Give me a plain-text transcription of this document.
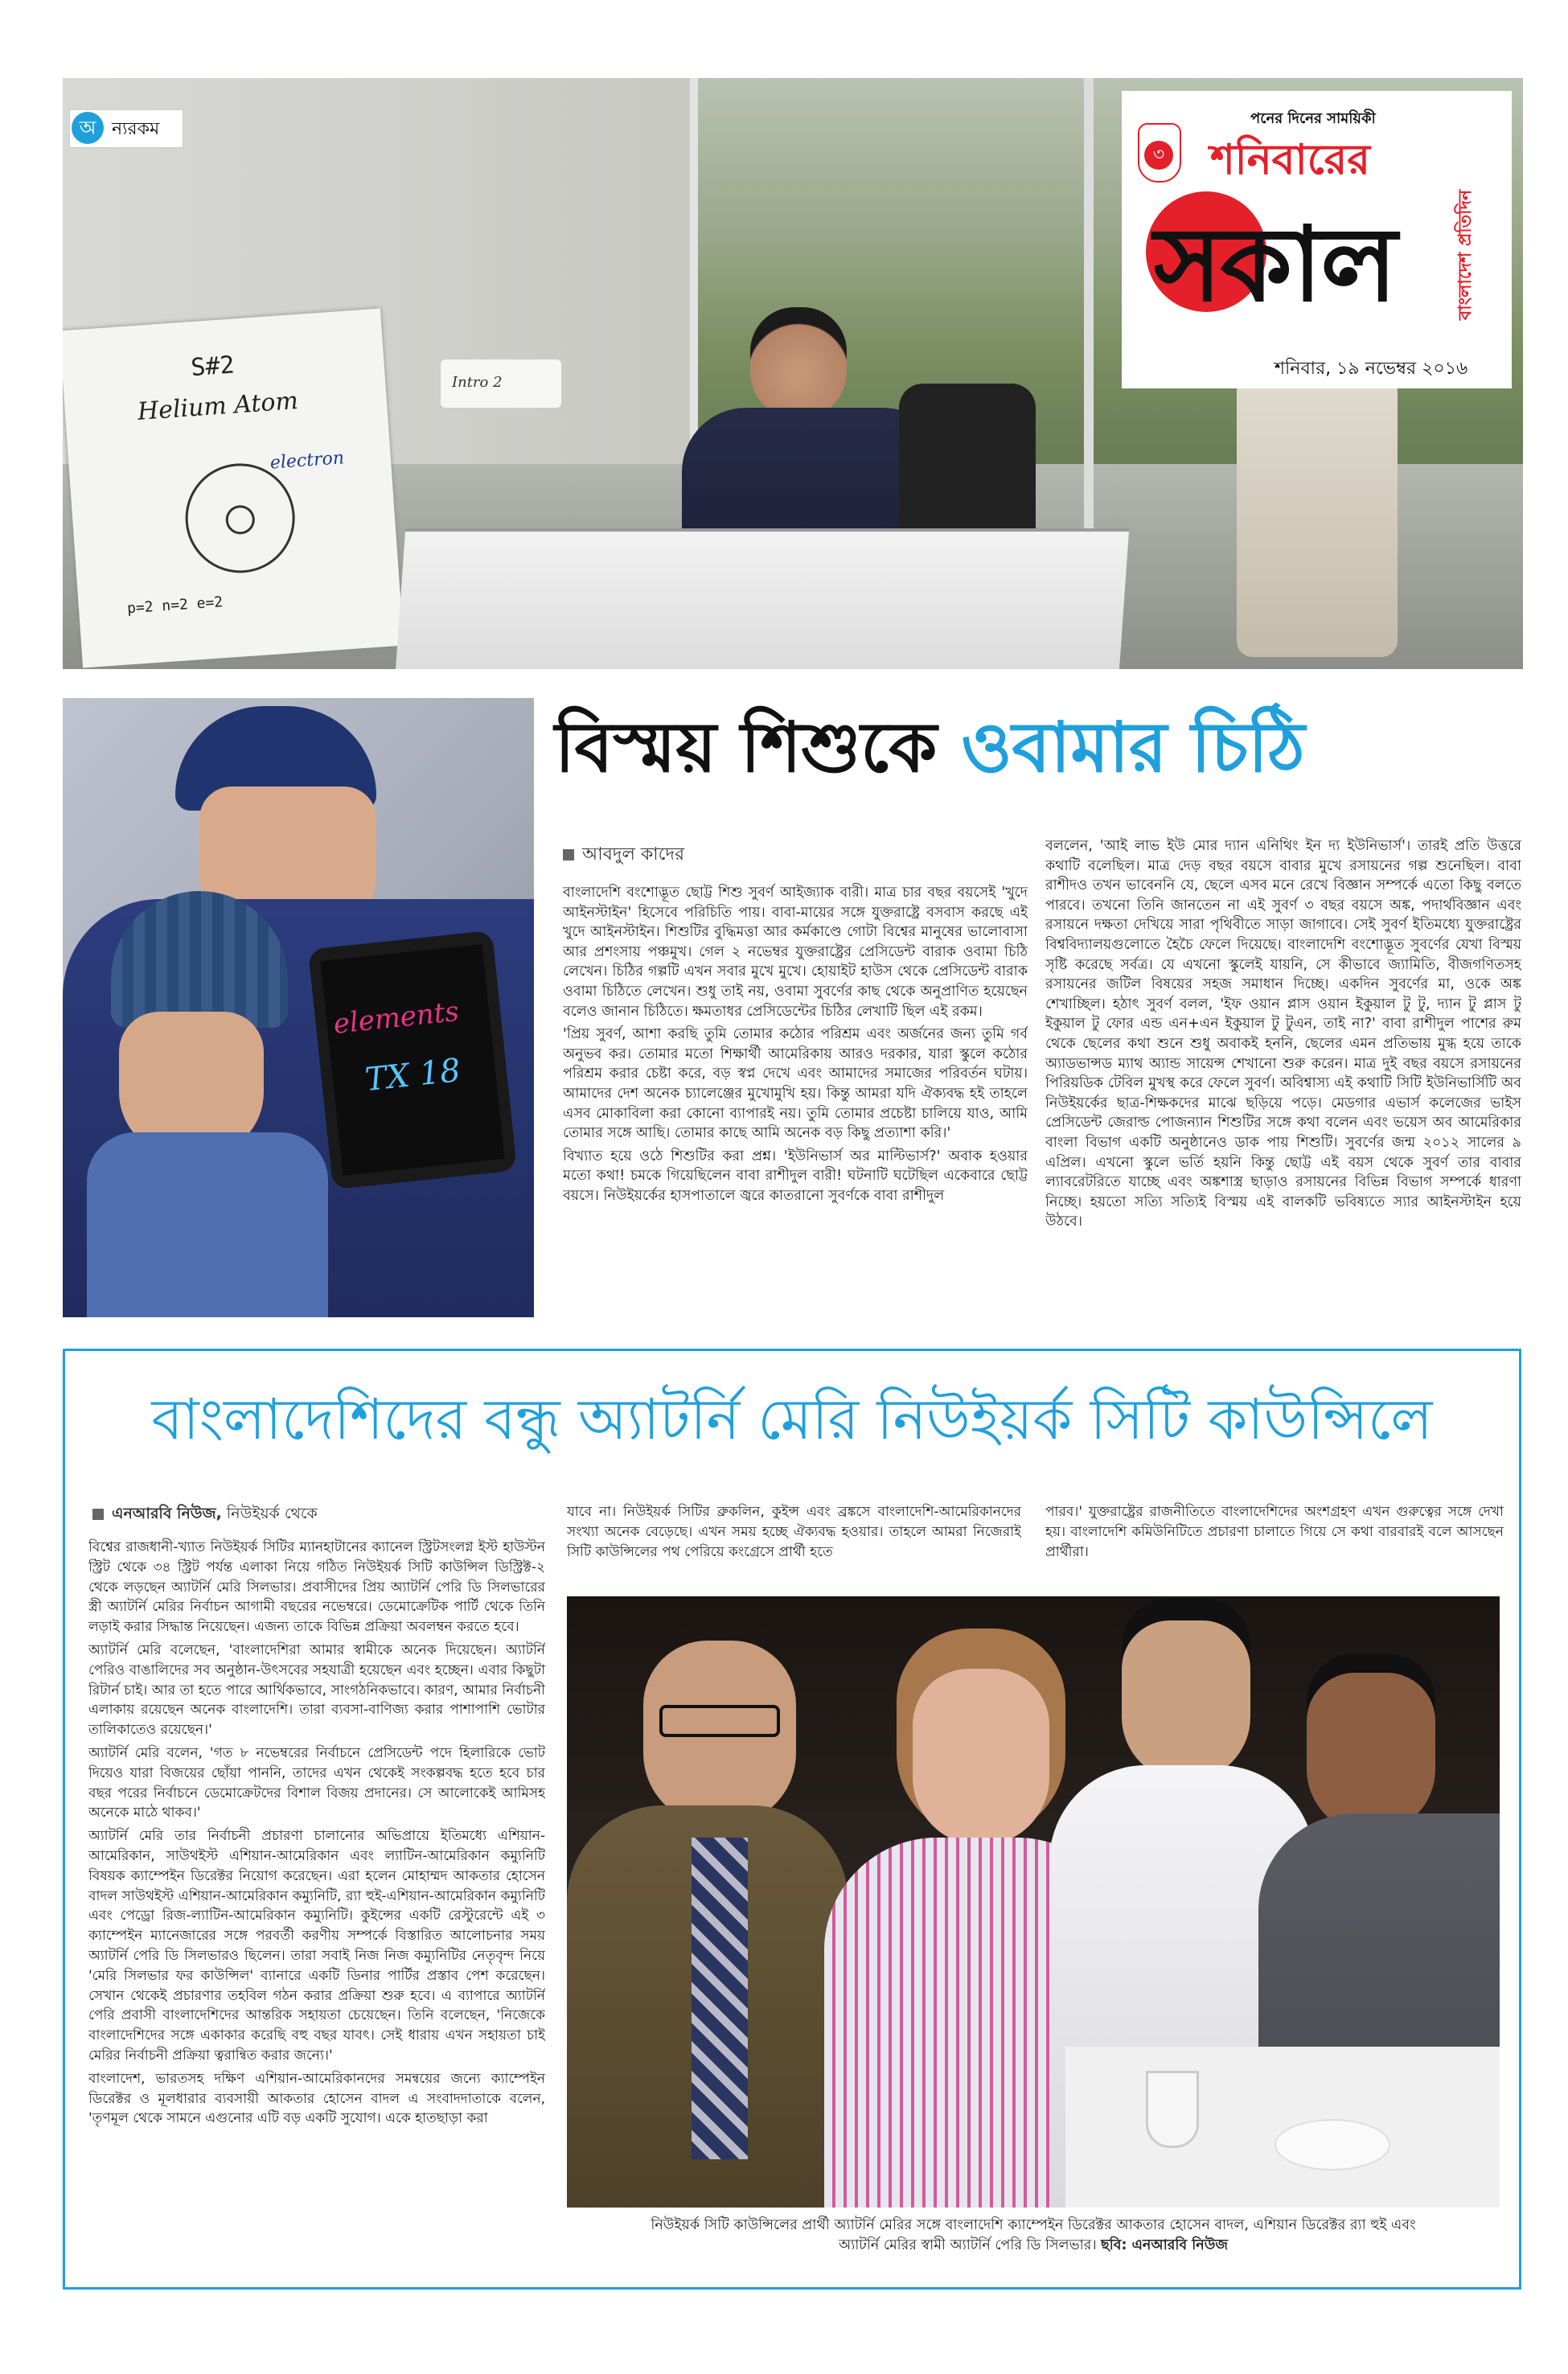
S#2
Helium Atom
electron
p=2 n=2 e=2
Intro 2
অ ন্যরকম
পনের দিনের সাময়িকী
৩ শনিবারের
সকাল	বাংলাদেশ প্রতিদিন
শনিবার, ১৯ নভেম্বর ২০১৬
elements
TX 18
বিস্ময় শিশুকে ওবামার চিঠি
আবদুল কাদের

বাংলাদেশি বংশোদ্ভূত ছোট্ট শিশু সুবর্ণ আইজ্যাক বারী। মাত্র চার বছর বয়সেই 'খুদে আইনস্টাইন' হিসেবে পরিচিতি পায়। বাবা-মায়ের সঙ্গে যুক্তরাষ্ট্রে বসবাস করছে এই খুদে আইনস্টাইন। শিশুটির বুদ্ধিমত্তা আর কর্মকাণ্ডে গোটা বিশ্বের মানুষের ভালোবাসা আর প্রশংসায় পঞ্চমুখ। গেল ২ নভেম্বর যুক্তরাষ্ট্রের প্রেসিডেন্ট বারাক ওবামা চিঠি লেখেন। চিঠির গল্পটি এখন সবার মুখে মুখে। হোয়াইট হাউস থেকে প্রেসিডেন্ট বারাক ওবামা চিঠিতে লেখেন। শুধু তাই নয়, ওবামা সুবর্ণের কাছ থেকে অনুপ্রাণিত হয়েছেন বলেও জানান চিঠিতে। ক্ষমতাধর প্রেসিডেন্টের চিঠির লেখাটি ছিল এই রকম।

'প্রিয় সুবর্ণ, আশা করছি তুমি তোমার কঠোর পরিশ্রম এবং অর্জনের জন্য তুমি গর্ব অনুভব কর। তোমার মতো শিক্ষার্থী আমেরিকায় আরও দরকার, যারা স্কুলে কঠোর পরিশ্রম করার চেষ্টা করে, বড় স্বপ্ন দেখে এবং আমাদের সমাজের পরিবর্তন ঘটায়। আমাদের দেশ অনেক চ্যালেঞ্জের মুখোমুখি হয়। কিন্তু আমরা যদি ঐক্যবদ্ধ হই তাহলে এসব মোকাবিলা করা কোনো ব্যাপারই নয়। তুমি তোমার প্রচেষ্টা চালিয়ে যাও, আমি তোমার সঙ্গে আছি। তোমার কাছে আমি অনেক বড় কিছু প্রত্যাশা করি।'

বিখ্যাত হয়ে ওঠে শিশুটির করা প্রশ্ন। 'ইউনিভার্স অর মাল্টিভার্স?' অবাক হওয়ার মতো কথা! চমকে গিয়েছিলেন বাবা রাশীদুল বারী! ঘটনাটি ঘটেছিল একেবারে ছোট্ট বয়সে। নিউইয়র্কের হাসপাতালে জ্বরে কাতরানো সুবর্ণকে বাবা রাশীদুল

বললেন, 'আই লাভ ইউ মোর দ্যান এনিথিং ইন দ্য ইউনিভার্স'। তারই প্রতি উত্তরে কথাটি বলেছিল। মাত্র দেড় বছর বয়সে বাবার মুখে রসায়নের গল্প শুনেছিল। বাবা রাশীদও তখন ভাবেননি যে, ছেলে এসব মনে রেখে বিজ্ঞান সম্পর্কে এতো কিছু বলতে পারবে। তখনো তিনি জানতেন না এই সুবর্ণ ৩ বছর বয়সে অঙ্ক, পদার্থবিজ্ঞান এবং রসায়নে দক্ষতা দেখিয়ে সারা পৃথিবীতে সাড়া জাগাবে। সেই সুবর্ণ ইতিমধ্যে যুক্তরাষ্ট্রের বিশ্ববিদ্যালয়গুলোতে হৈচৈ ফেলে দিয়েছে। বাংলাদেশি বংশোদ্ভূত সুবর্ণের যেখা বিস্ময় সৃষ্টি করেছে সর্বত্র। যে এখনো স্কুলেই যায়নি, সে কীভাবে জ্যামিতি, বীজগণিতসহ রসায়নের জটিল বিষয়ের সহজ সমাধান দিচ্ছে। একদিন সুবর্ণের মা, ওকে অঙ্ক শেখাচ্ছিল। হঠাৎ সুবর্ণ বলল, 'ইফ ওয়ান প্লাস ওয়ান ইকুয়াল টু টু, দ্যান টু প্লাস টু ইকুয়াল টু ফোর এন্ড এন+এন ইকুয়াল টু টুএন, তাই না?' বাবা রাশীদুল পাশের রুম থেকে ছেলের কথা শুনে শুধু অবাকই হননি, ছেলের এমন প্রতিভায় মুগ্ধ হয়ে তাকে অ্যাডভান্সড ম্যাথ অ্যান্ড সায়েন্স শেখানো শুরু করেন। মাত্র দুই বছর বয়সে রসায়নের পিরিয়ডিক টেবিল মুখস্থ করে ফেলে সুবর্ণ। অবিশ্বাস্য এই কথাটি সিটি ইউনিভার্সিটি অব নিউইয়র্কের ছাত্র-শিক্ষকদের মাঝে ছড়িয়ে পড়ে। মেডগার এভার্স কলেজের ভাইস প্রেসিডেন্ট জেরাল্ড পোজন্যান শিশুটির সঙ্গে কথা বলেন এবং ভয়েস অব আমেরিকার বাংলা বিভাগ একটি অনুষ্ঠানেও ডাক পায় শিশুটি। সুবর্ণের জন্ম ২০১২ সালের ৯ এপ্রিল। এখনো স্কুলে ভর্তি হয়নি কিন্তু ছোট্ট এই বয়স থেকে সুবর্ণ তার বাবার ল্যাবরেটরিতে যাচ্ছে এবং অঙ্কশাস্ত্র ছাড়াও রসায়নের বিভিন্ন বিভাগ সম্পর্কে ধারণা নিচ্ছে। হয়তো সত্যি সত্যিই বিস্ময় এই বালকটি ভবিষ্যতে স্যার আইনস্টাইন হয়ে উঠবে।

বাংলাদেশিদের বন্ধু অ্যাটর্নি মেরি নিউইয়র্ক সিটি কাউন্সিলে
এনআরবি নিউজ, নিউইয়র্ক থেকে

বিশ্বের রাজধানী-খ্যাত নিউইয়র্ক সিটির ম্যানহাটানের ক্যানেল স্ট্রিটসংলগ্ন ইস্ট হাউস্টন স্ট্রিট থেকে ৩৪ স্ট্রিট পর্যন্ত এলাকা নিয়ে গঠিত নিউইয়র্ক সিটি কাউন্সিল ডিস্ট্রিক্ট-২ থেকে লড়ছেন অ্যাটর্নি মেরি সিলভার। প্রবাসীদের প্রিয় অ্যাটর্নি পেরি ডি সিলভারের স্ত্রী অ্যাটর্নি মেরির নির্বাচন আগামী বছরের নভেম্বরে। ডেমোক্রেটিক পার্টি থেকে তিনি লড়াই করার সিদ্ধান্ত নিয়েছেন। এজন্য তাকে বিভিন্ন প্রক্রিয়া অবলম্বন করতে হবে।

অ্যাটর্নি মেরি বলেছেন, 'বাংলাদেশিরা আমার স্বামীকে অনেক দিয়েছেন। অ্যাটর্নি পেরিও বাঙালিদের সব অনুষ্ঠান-উৎসবের সহযাত্রী হয়েছেন এবং হচ্ছেন। এবার কিছুটা রিটার্ন চাই। আর তা হতে পারে আর্থিকভাবে, সাংগঠনিকভাবে। কারণ, আমার নির্বাচনী এলাকায় রয়েছেন অনেক বাংলাদেশি। তারা ব্যবসা-বাণিজ্য করার পাশাপাশি ভোটার তালিকাতেও রয়েছেন।'

অ্যাটর্নি মেরি বলেন, 'গত ৮ নভেম্বরের নির্বাচনে প্রেসিডেন্ট পদে হিলারিকে ভোট দিয়েও যারা বিজয়ের ছোঁয়া পাননি, তাদের এখন থেকেই সংকল্পবদ্ধ হতে হবে চার বছর পরের নির্বাচনে ডেমোক্রেটদের বিশাল বিজয় প্রদানের। সে আলোকেই আমিসহ অনেকে মাঠে থাকব।'

অ্যাটর্নি মেরি তার নির্বাচনী প্রচারণা চালানোর অভিপ্রায়ে ইতিমধ্যে এশিয়ান-আমেরিকান, সাউথইস্ট এশিয়ান-আমেরিকান এবং ল্যাটিন-আমেরিকান কম্যুনিটি বিষয়ক ক্যাম্পেইন ডিরেক্টর নিয়োগ করেছেন। এরা হলেন মোহাম্মদ আকতার হোসেন বাদল সাউথইস্ট এশিয়ান-আমেরিকান কম্যুনিটি, র‍্যা হুই-এশিয়ান-আমেরিকান কম্যুনিটি এবং পেড্রো রিজ-ল্যাটিন-আমেরিকান কম্যুনিটি। কুইন্সের একটি রেস্টুরেন্টে এই ৩ ক্যাম্পেইন ম্যানেজারের সঙ্গে পরবর্তী করণীয় সম্পর্কে বিস্তারিত আলোচনার সময় অ্যাটর্নি পেরি ডি সিলভারও ছিলেন। তারা সবাই নিজ নিজ কম্যুনিটির নেতৃবৃন্দ নিয়ে 'মেরি সিলভার ফর কাউন্সিল' ব্যানারে একটি ডিনার পার্টির প্রস্তাব পেশ করেছেন। সেখান থেকেই প্রচারণার তহবিল গঠন করার প্রক্রিয়া শুরু হবে। এ ব্যাপারে অ্যাটর্নি পেরি প্রবাসী বাংলাদেশিদের আন্তরিক সহায়তা চেয়েছেন। তিনি বলেছেন, 'নিজেকে বাংলাদেশিদের সঙ্গে একাকার করেছি বহু বছর যাবৎ। সেই ধারায় এখন সহায়তা চাই মেরির নির্বাচনী প্রক্রিয়া ত্বরান্বিত করার জন্যে।'

বাংলাদেশ, ভারতসহ দক্ষিণ এশিয়ান-আমেরিকানদের সমন্বয়ের জন্যে ক্যাম্পেইন ডিরেক্টর ও মূলধারার ব্যবসায়ী আকতার হোসেন বাদল এ সংবাদদাতাকে বলেন, 'তৃণমূল থেকে সামনে এগুনোর এটি বড় একটি সুযোগ। একে হাতছাড়া করা

যাবে না। নিউইয়র্ক সিটির ব্রুকলিন, কুইন্স এবং ব্রঙ্কসে বাংলাদেশি-আমেরিকানদের সংখ্যা অনেক বেড়েছে। এখন সময় হচ্ছে ঐক্যবদ্ধ হওয়ার। তাহলে আমরা নিজেরাই সিটি কাউন্সিলের পথ পেরিয়ে কংগ্রেসে প্রার্থী হতে

পারব।' যুক্তরাষ্ট্রের রাজনীতিতে বাংলাদেশিদের অংশগ্রহণ এখন গুরুত্বের সঙ্গে দেখা হয়। বাংলাদেশি কমিউনিটিতে প্রচারণা চালাতে গিয়ে সে কথা বারবারই বলে আসছেন প্রার্থীরা।

নিউইয়র্ক সিটি কাউন্সিলের প্রার্থী অ্যাটর্নি মেরির সঙ্গে বাংলাদেশি ক্যাম্পেইন ডিরেক্টর আকতার হোসেন বাদল, এশিয়ান ডিরেক্টর র‍্যা হুই এবং
অ্যাটর্নি মেরির স্বামী অ্যাটর্নি পেরি ডি সিলভার। ছবি: এনআরবি নিউজ
